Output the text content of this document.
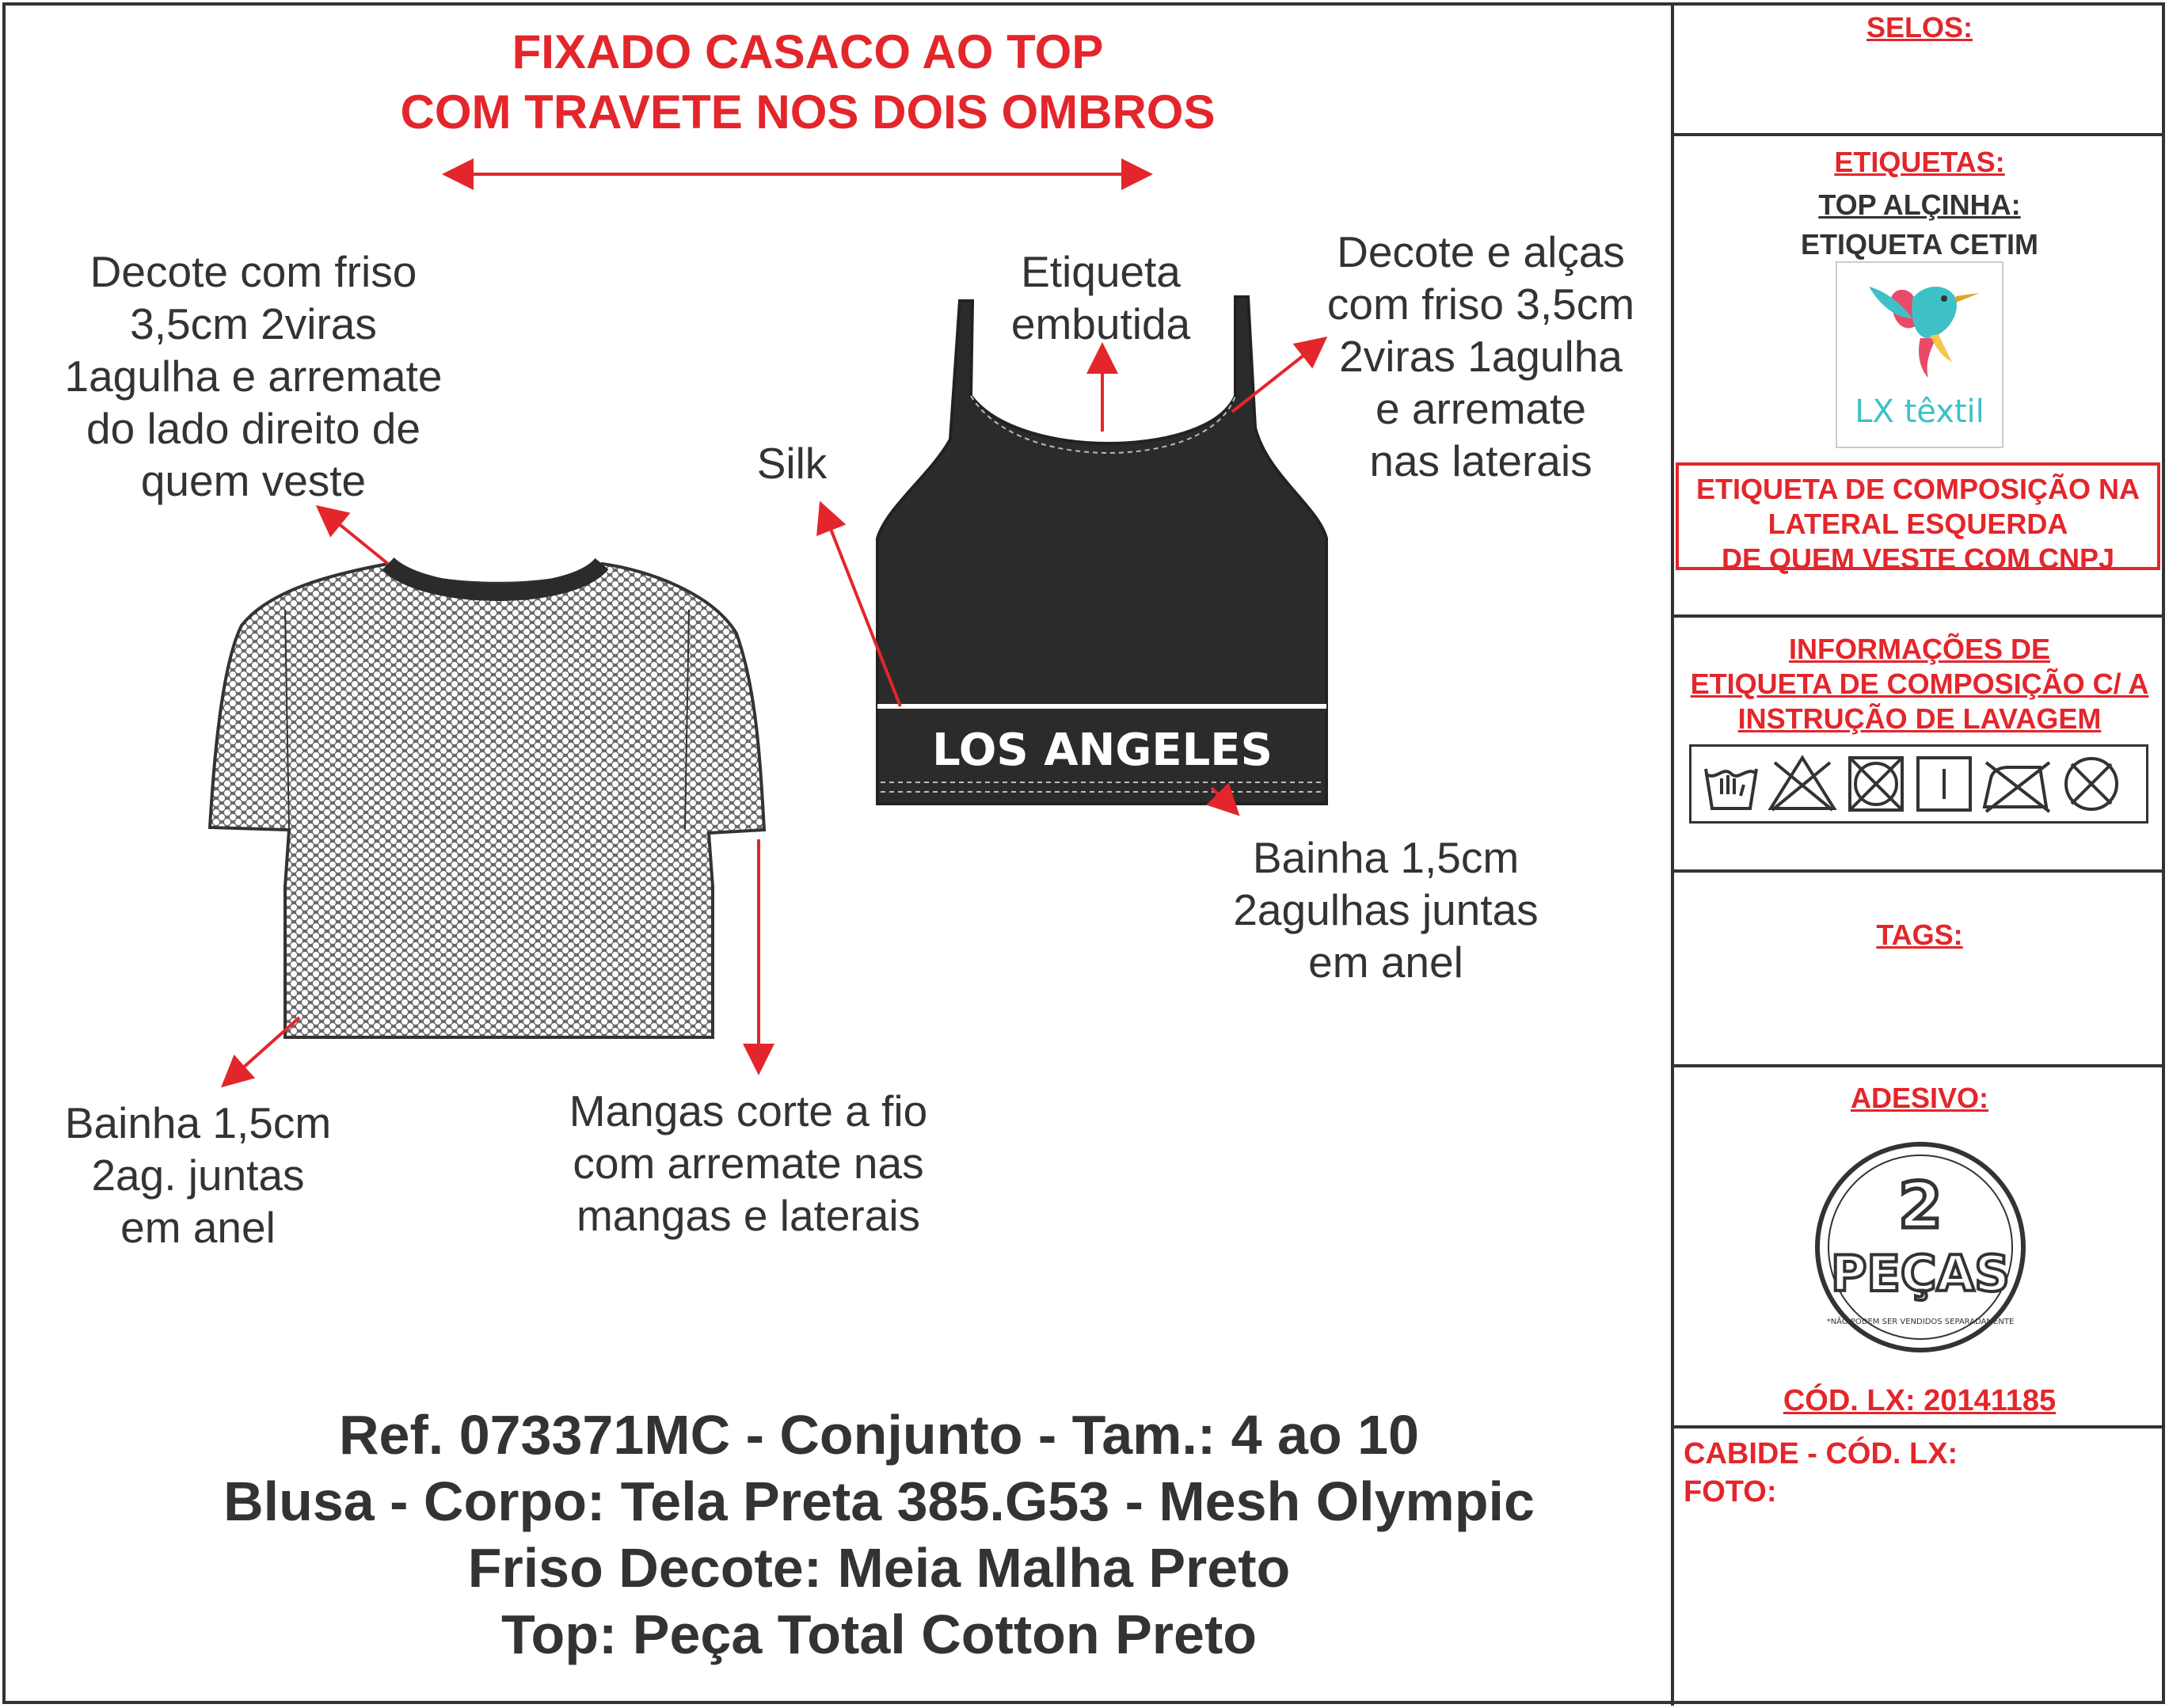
FIXADO CASACO AO TOP
COM TRAVETE NOS DOIS OMBROS
LOS ANGELES
Decote com friso
3,5cm 2viras
1agulha e arremate
do lado direito de
quem veste
Etiqueta
embutida
Decote e alças
com friso 3,5cm
2viras 1agulha
e arremate
nas laterais
Silk
Bainha 1,5cm
2agulhas juntas
em anel
Bainha 1,5cm
2ag. juntas
em anel
Mangas corte a fio
com arremate nas
mangas e laterais
Ref. 073371MC - Conjunto - Tam.: 4 ao 10
Blusa - Corpo: Tela Preta 385.G53 - Mesh Olympic
Friso Decote: Meia Malha Preto
Top: Peça Total Cotton Preto
SELOS:
ETIQUETAS:
TOP ALÇINHA:
ETIQUETA CETIM
LX têxtil
ETIQUETA DE COMPOSIÇÃO NA
LATERAL ESQUERDA
DE QUEM VESTE COM CNPJ
INFORMAÇÕES DE
ETIQUETA DE COMPOSIÇÃO C/ A
INSTRUÇÃO DE LAVAGEM
TAGS:
ADESIVO:
2
PEÇAS
*NÃO PODEM SER VENDIDOS SEPARADAMENTE
CÓD. LX: 20141185
CABIDE - CÓD. LX:
FOTO:
